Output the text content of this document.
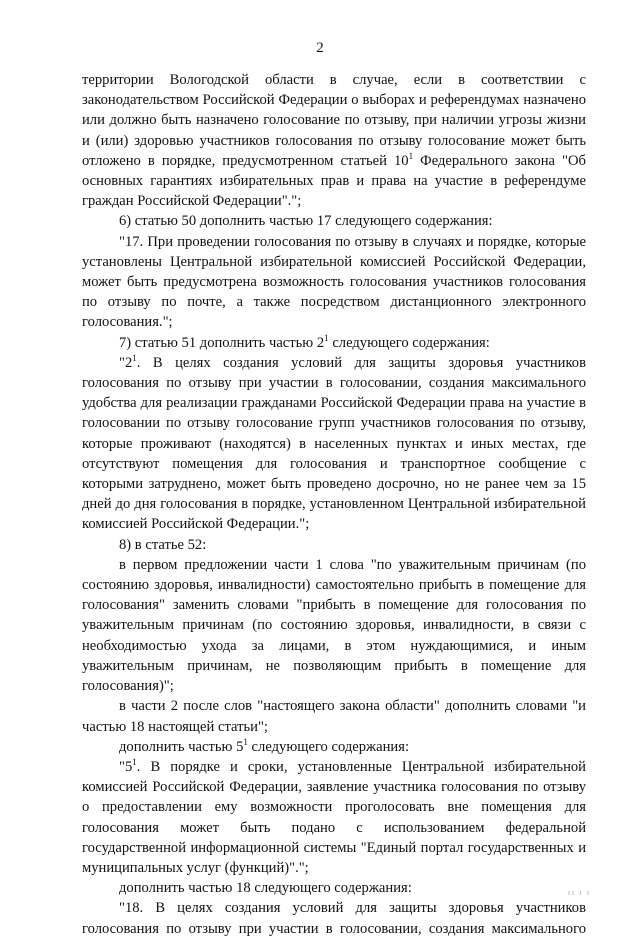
2

территории Вологодской области в случае, если в соответствии с законодательством Российской Федерации о выборах и референдумах назначено или должно быть назначено голосование по отзыву, при наличии угрозы жизни и (или) здоровью участников голосования по отзыву голосование может быть отложено в порядке, предусмотренном статьей $10^1$ Федерального закона "Об основных гарантиях избирательных прав и права на участие в референдуме граждан Российской Федерации".";

6) статью 50 дополнить частью 17 следующего содержания:

"17. При проведении голосования по отзыву в случаях и порядке, которые установлены Центральной избирательной комиссией Российской Федерации, может быть предусмотрена возможность голосования участников голосования по отзыву по почте, а также посредством дистанционного электронного голосования.";

7) статью 51 дополнить частью $2^1$ следующего содержания:

"$2^1$. В целях создания условий для защиты здоровья участников голосования по отзыву при участии в голосовании, создания максимального удобства для реализации гражданами Российской Федерации права на участие в голосовании по отзыву голосование групп участников голосования по отзыву, которые проживают (находятся) в населенных пунктах и иных местах, где отсутствуют помещения для голосования и транспортное сообщение с которыми затруднено, может быть проведено досрочно, но не ранее чем за 15 дней до дня голосования в порядке, установленном Центральной избирательной комиссией Российской Федерации.";

8) в статье 52:

в первом предложении части 1 слова "по уважительным причинам (по состоянию здоровья, инвалидности) самостоятельно прибыть в помещение для голосования" заменить словами "прибыть в помещение для голосования по уважительным причинам (по состоянию здоровья, инвалидности, в связи с необходимостью ухода за лицами, в этом нуждающимися, и иным уважительным причинам, не позволяющим прибыть в помещение для голосования)";

в части 2 после слов "настоящего закона области" дополнить словами "и частью 18 настоящей статьи";

дополнить частью $5^1$ следующего содержания:

"$5^1$. В порядке и сроки, установленные Центральной избирательной комиссией Российской Федерации, заявление участника голосования по отзыву о предоставлении ему возможности проголосовать вне помещения для голосования может быть подано с использованием федеральной государственной информационной системы "Единый портал государственных и муниципальных услуг (функций)".";

дополнить частью 18 следующего содержания:

"18. В целях создания условий для защиты здоровья участников голосования по отзыву при участии в голосовании, создания максимального

II I I
